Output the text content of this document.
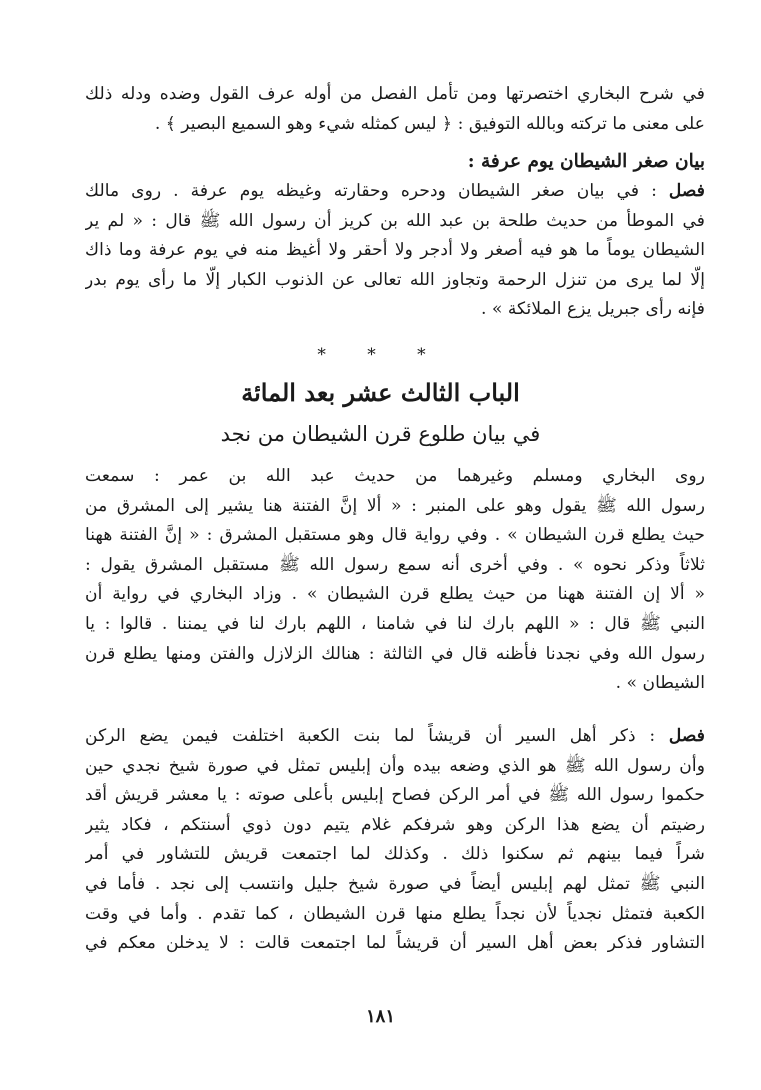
في شرح البخاري اختصرتها ومن تأمل الفصل من أوله عرف القول وضده ودله ذلك
على معنى ما تركته وبالله التوفيق : ﴿ ليس كمثله شيء وهو السميع البصير ﴾ .
بيان صغر الشيطان يوم عرفة :
فصل : في بيان صغر الشيطان ودحره وحقارته وغيظه يوم عرفة . روى مالك
في الموطأ من حديث طلحة بن عبد الله بن كريز أن رسول الله ﷺ قال : « لم ير
الشيطان يوماً ما هو فيه أصغر ولا أدجر ولا أحقر ولا أغيظ منه في يوم عرفة وما ذاك
إلَّا لما يرى من تنزل الرحمة وتجاوز الله تعالى عن الذنوب الكبار إلَّا ما رأى يوم بدر
فإنه رأى جبريل يزع الملائكة » .
* * *
الباب الثالث عشر بعد المائة
في بيان طلوع قرن الشيطان من نجد
روى البخاري ومسلم وغيرهما من حديث عبد الله بن عمر : سمعت
رسول الله ﷺ يقول وهو على المنبر : « ألا إنَّ الفتنة هنا يشير إلى المشرق من
حيث يطلع قرن الشيطان » . وفي رواية قال وهو مستقبل المشرق : « إنَّ الفتنة ههنا
ثلاثاً وذكر نحوه » . وفي أخرى أنه سمع رسول الله ﷺ مستقبل المشرق يقول :
« ألا إن الفتنة ههنا من حيث يطلع قرن الشيطان » . وزاد البخاري في رواية أن
النبي ﷺ قال : « اللهم بارك لنا في شامنا ، اللهم بارك لنا في يمننا . قالوا : يا
رسول الله وفي نجدنا فأظنه قال في الثالثة : هنالك الزلازل والفتن ومنها يطلع قرن
الشيطان » .
فصل : ذكر أهل السير أن قريشاً لما بنت الكعبة اختلفت فيمن يضع الركن
وأن رسول الله ﷺ هو الذي وضعه بيده وأن إبليس تمثل في صورة شيخ نجدي حين
حكموا رسول الله ﷺ في أمر الركن فصاح إبليس بأعلى صوته : يا معشر قريش أقد
رضيتم أن يضع هذا الركن وهو شرفكم غلام يتيم دون ذوي أسنتكم ، فكاد يثير
شراً فيما بينهم ثم سكنوا ذلك . وكذلك لما اجتمعت قريش للتشاور في أمر
النبي ﷺ تمثل لهم إبليس أيضاً في صورة شيخ جليل وانتسب إلى نجد . فأما في
الكعبة فتمثل نجدياً لأن نجداً يطلع منها قرن الشيطان ، كما تقدم . وأما في وقت
التشاور فذكر بعض أهل السير أن قريشاً لما اجتمعت قالت : لا يدخلن معكم في
١٨١
